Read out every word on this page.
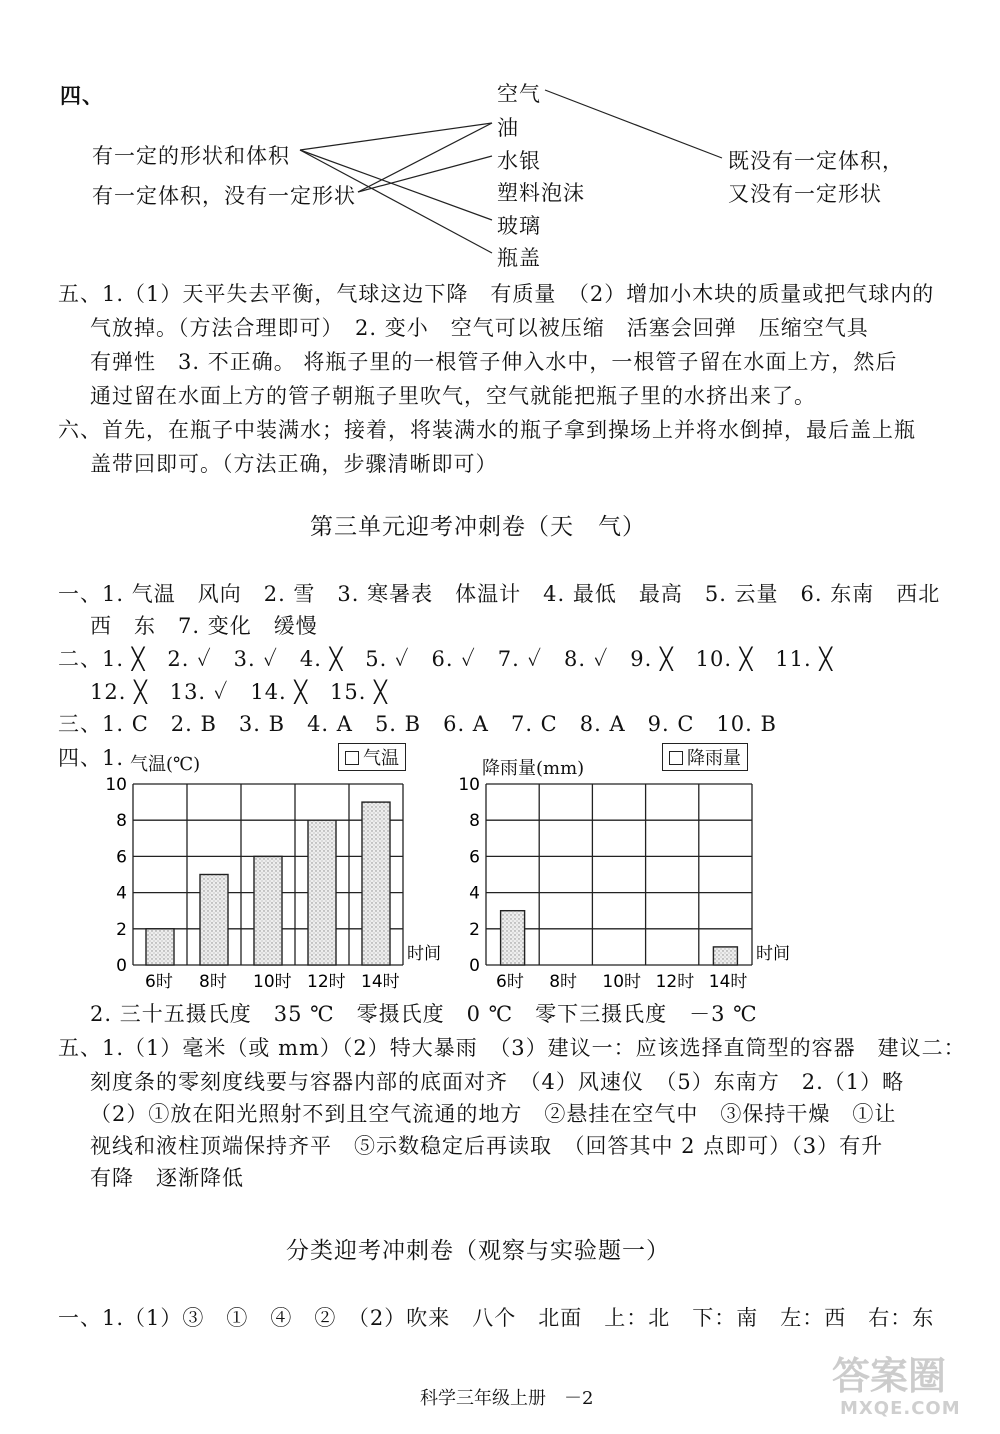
四、
有一定的形状和体积
有一定体积，没有一定形状
空气
油
水银
塑料泡沫
玻璃
瓶盖
既没有一定体积，
又没有一定形状
五、1.（1）天平失去平衡，气球这边下降　有质量　（2）增加小木块的质量或把气球内的
气放掉。（方法合理即可）　2. 变小　空气可以被压缩　活塞会回弹　压缩空气具
有弹性　3. 不正确。 将瓶子里的一根管子伸入水中，一根管子留在水面上方，然后
通过留在水面上方的管子朝瓶子里吹气，空气就能把瓶子里的水挤出来了。
六、首先，在瓶子中装满水；接着，将装满水的瓶子拿到操场上并将水倒掉，最后盖上瓶
盖带回即可。（方法正确，步骤清晰即可）
第三单元迎考冲刺卷（天　气）
一、1. 气温　风向　2. 雪　3. 寒暑表　体温计　4. 最低　最高　5. 云量　6. 东南　西北
西　东　7. 变化　缓慢
二、1. ╳　2. ✓　3. ✓　4. ╳　5. ✓　6. ✓　7. ✓　8. ✓　9. ╳　10. ╳　11. ╳
12. ╳　13. ✓　14. ╳　15. ╳
三、1. C　2. B　3. B　4. A　5. B　6. A　7. C　8. A　9. C　10. B
四、1. 气温(℃)	气温
0
2
4
6
8
10
6时 8时 10时 12时 14时
时间
降雨量(mm)	降雨量
0
2
4
6
8
10
6时 8时 10时 12时 14时
时间
2. 三十五摄氏度　35 ℃　零摄氏度　0 ℃　零下三摄氏度　－3 ℃
五、1.（1）毫米（或 mm）（2）特大暴雨　（3）建议一：应该选择直筒型的容器　建议二：
刻度条的零刻度线要与容器内部的底面对齐　（4）风速仪　（5）东南方　2.（1）略
（2）①放在阳光照射不到且空气流通的地方　②悬挂在空气中　③保持干燥　①让
视线和液柱顶端保持齐平　⑤示数稳定后再读取　（回答其中 2 点即可）（3）有升
有降　逐渐降低
分类迎考冲刺卷（观察与实验题一）
一、1.（1）③　①　④　②　（2）吹来　八个　北面　上：北　下：南　左：西　右：东
科学三年级上册　－2
答案圈
MXQE.COM
